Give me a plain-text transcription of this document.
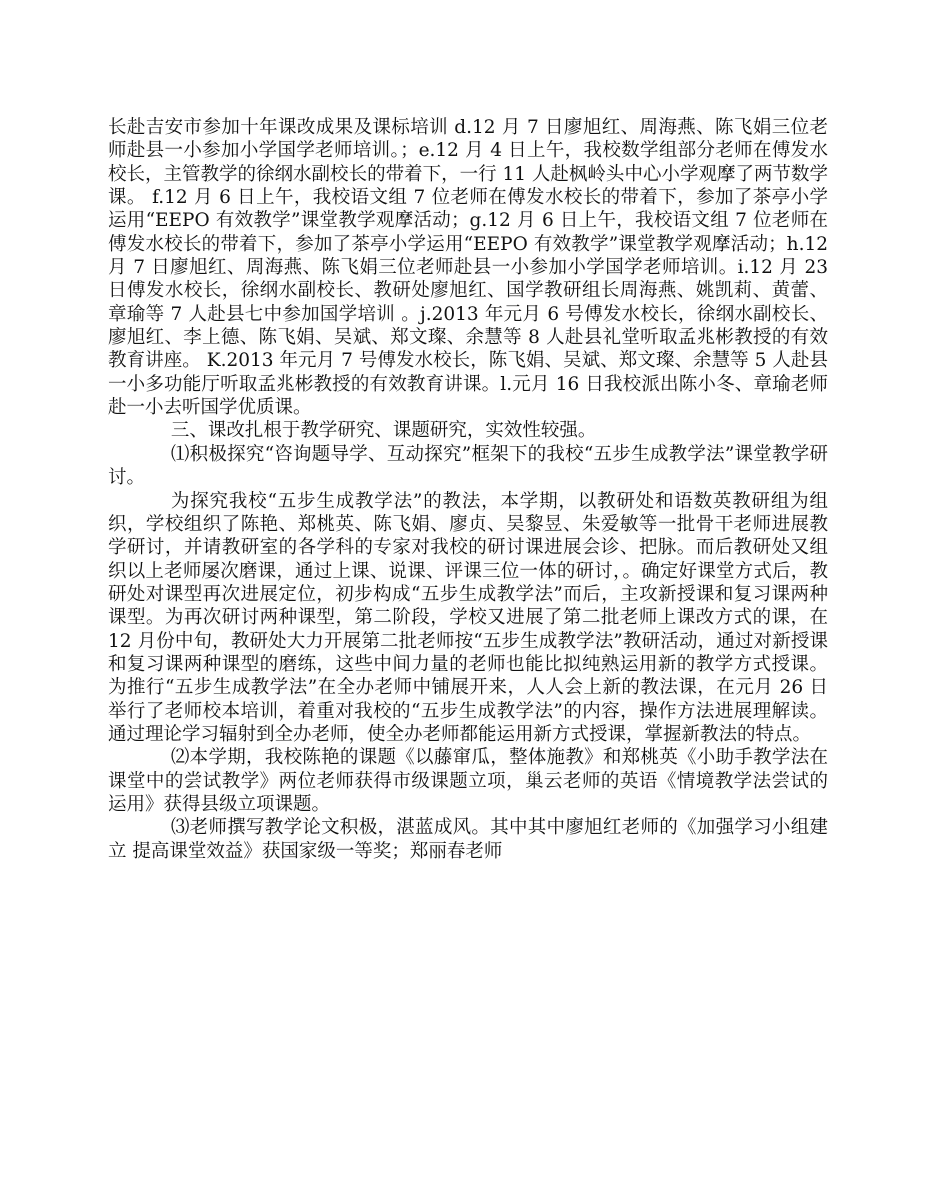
长赴吉安市参加十年课改成果及课标培训 d.12 月 7 日廖旭红、周海燕、陈飞娟三位老师赴县一小参加小学国学老师培训。；e.12 月 4 日上午，我校数学组部分老师在傅发水校长，主管教学的徐纲水副校长的带着下，一行 11 人赴枫岭头中心小学观摩了两节数学课。 f.12 月 6 日上午，我校语文组 7 位老师在傅发水校长的带着下，参加了茶亭小学运用“EEPO 有效教学”课堂教学观摩活动；g.12 月 6 日上午，我校语文组 7 位老师在傅发水校长的带着下，参加了茶亭小学运用“EEPO 有效教学”课堂教学观摩活动；h.12 月 7 日廖旭红、周海燕、陈飞娟三位老师赴县一小参加小学国学老师培训。i.12 月 23 日傅发水校长，徐纲水副校长、教研处廖旭红、国学教研组长周海燕、姚凯莉、黄蕾、章瑜等 7 人赴县七中参加国学培训 。j.2013 年元月 6 号傅发水校长，徐纲水副校长、廖旭红、李上德、陈飞娟、吴斌、郑文璨、余慧等 8 人赴县礼堂听取孟兆彬教授的有效教育讲座。 K.2013 年元月 7 号傅发水校长，陈飞娟、吴斌、郑文璨、余慧等 5 人赴县一小多功能厅听取孟兆彬教授的有效教育讲课。l.元月 16 日我校派出陈小冬、章瑜老师赴一小去听国学优质课。

三、课改扎根于教学研究、课题研究，实效性较强。

⑴积极探究“咨询题导学、互动探究”框架下的我校“五步生成教学法”课堂教学研讨。

为探究我校“五步生成教学法”的教法，本学期，以教研处和语数英教研组为组织，学校组织了陈艳、郑桃英、陈飞娟、廖贞、吴黎昱、朱爱敏等一批骨干老师进展教学研讨，并请教研室的各学科的专家对我校的研讨课进展会诊、把脉。而后教研处又组织以上老师屡次磨课，通过上课、说课、评课三位一体的研讨，。确定好课堂方式后，教研处对课型再次进展定位，初步构成“五步生成教学法”而后，主攻新授课和复习课两种课型。为再次研讨两种课型，第二阶段，学校又进展了第二批老师上课改方式的课，在 12 月份中旬，教研处大力开展第二批老师按“五步生成教学法”教研活动，通过对新授课和复习课两种课型的磨练，这些中间力量的老师也能比拟纯熟运用新的教学方式授课。为推行“五步生成教学法”在全办老师中铺展开来，人人会上新的教法课，在元月 26 日举行了老师校本培训，着重对我校的“五步生成教学法”的内容，操作方法进展理解读。通过理论学习辐射到全办老师，使全办老师都能运用新方式授课，掌握新教法的特点。

⑵本学期，我校陈艳的课题《以藤窜瓜，整体施教》和郑桃英《小助手教学法在课堂中的尝试教学》两位老师获得市级课题立项，巢云老师的英语《情境教学法尝试的运用》获得县级立项课题。

⑶老师撰写教学论文积极，湛蓝成风。其中其中廖旭红老师的《加强学习小组建立 提高课堂效益》获国家级一等奖；郑丽春老师
